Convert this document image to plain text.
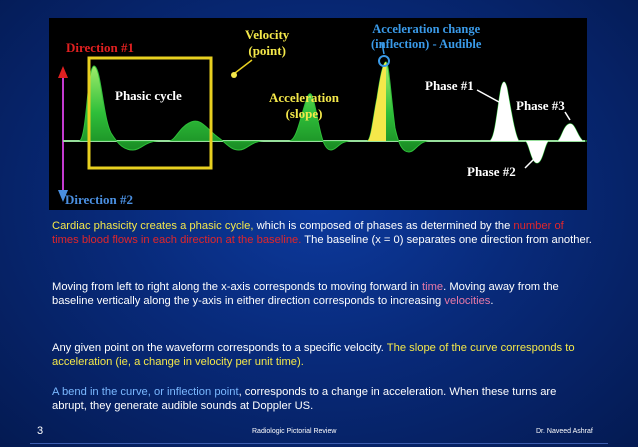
Direction #1
Direction #2
Phasic cycle
Velocity
(point)
Acceleration
(slope)
Acceleration change
(inflection) - Audible
Phase #1
Phase #3
Phase #2

Cardiac phasicity creates a phasic cycle, which is composed of phases as determined by the number of times blood flows in each direction at the baseline. The baseline (x = 0) separates one direction from another.

Moving from left to right along the x-axis corresponds to moving forward in time. Moving away from the baseline vertically along the y-axis in either direction corresponds to increasing velocities.

Any given point on the waveform corresponds to a specific velocity. The slope of the curve corresponds to acceleration (ie, a change in velocity per unit time).

A bend in the curve, or inflection point, corresponds to a change in acceleration. When these turns are abrupt, they generate audible sounds at Doppler US.

3	Radiologic Pictorial Review	Dr. Naveed Ashraf
